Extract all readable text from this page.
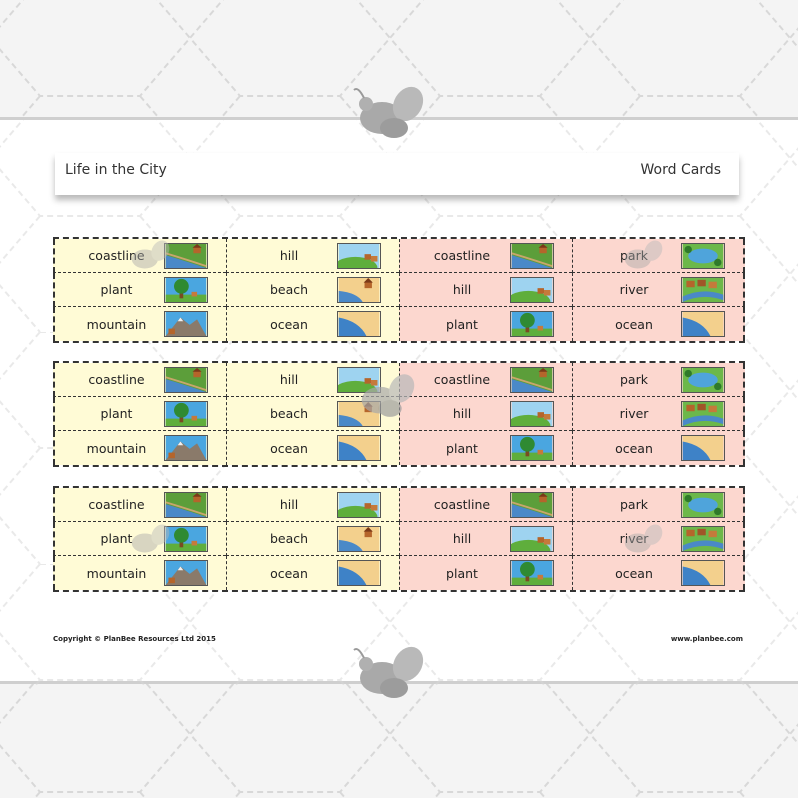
Life in the City	Word Cards
coastline	hill	coastline	park
plant	beach	hill	river
mountain	ocean	plant	ocean
coastline	hill	coastline	park
plant	beach	hill	river
mountain	ocean	plant	ocean
coastline	hill	coastline	park
plant	beach	hill	river
mountain	ocean	plant	ocean
Copyright © PlanBee Resources Ltd 2015	www.planbee.com
